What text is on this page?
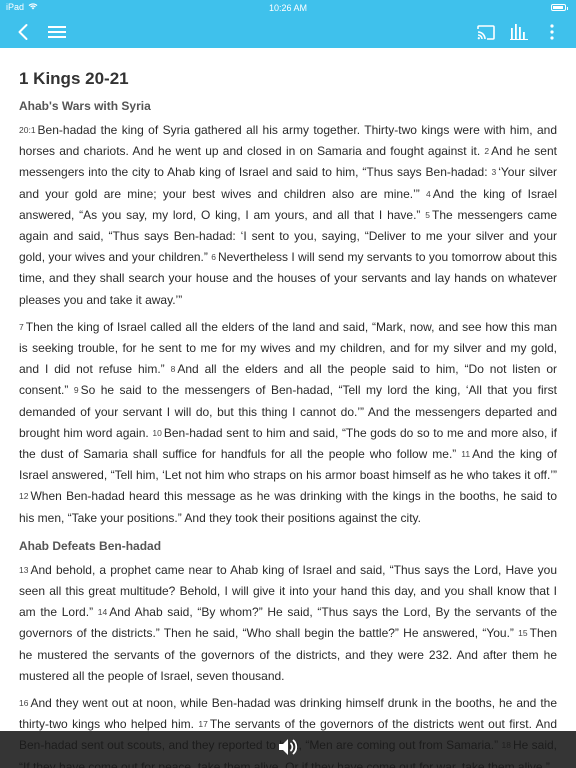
iPad	10:26 AM
1 Kings 20-21
Ahab's Wars with Syria

20:1 Ben-hadad the king of Syria gathered all his army together. Thirty-two kings were with him, and horses and chariots. And he went up and closed in on Samaria and fought against it. 2 And he sent messengers into the city to Ahab king of Israel and said to him, “Thus says Ben-hadad: 3 ‘Your silver and your gold are mine; your best wives and children also are mine.’” 4 And the king of Israel answered, “As you say, my lord, O king, I am yours, and all that I have.” 5 The messengers came again and said, “Thus says Ben-hadad: ‘I sent to you, saying, “Deliver to me your silver and your gold, your wives and your children.” 6 Nevertheless I will send my servants to you tomorrow about this time, and they shall search your house and the houses of your servants and lay hands on whatever pleases you and take it away.’”

7 Then the king of Israel called all the elders of the land and said, “Mark, now, and see how this man is seeking trouble, for he sent to me for my wives and my children, and for my silver and my gold, and I did not refuse him.” 8 And all the elders and all the people said to him, “Do not listen or consent.” 9 So he said to the messengers of Ben-hadad, “Tell my lord the king, ‘All that you first demanded of your servant I will do, but this thing I cannot do.’” And the messengers departed and brought him word again. 10 Ben-hadad sent to him and said, “The gods do so to me and more also, if the dust of Samaria shall suffice for handfuls for all the people who follow me.” 11 And the king of Israel answered, “Tell him, ‘Let not him who straps on his armor boast himself as he who takes it off.’” 12 When Ben-hadad heard this message as he was drinking with the kings in the booths, he said to his men, “Take your positions.” And they took their positions against the city.

Ahab Defeats Ben-hadad

13 And behold, a prophet came near to Ahab king of Israel and said, “Thus says the Lord, Have you seen all this great multitude? Behold, I will give it into your hand this day, and you shall know that I am the Lord.” 14 And Ahab said, “By whom?” He said, “Thus says the Lord, By the servants of the governors of the districts.” Then he said, “Who shall begin the battle?” He answered, “You.” 15 Then he mustered the servants of the governors of the districts, and they were 232. And after them he mustered all the people of Israel, seven thousand.

16 And they went out at noon, while Ben-hadad was drinking himself drunk in the booths, he and the thirty-two kings who helped him. 17 The servants of the governors of the districts went out first. And
